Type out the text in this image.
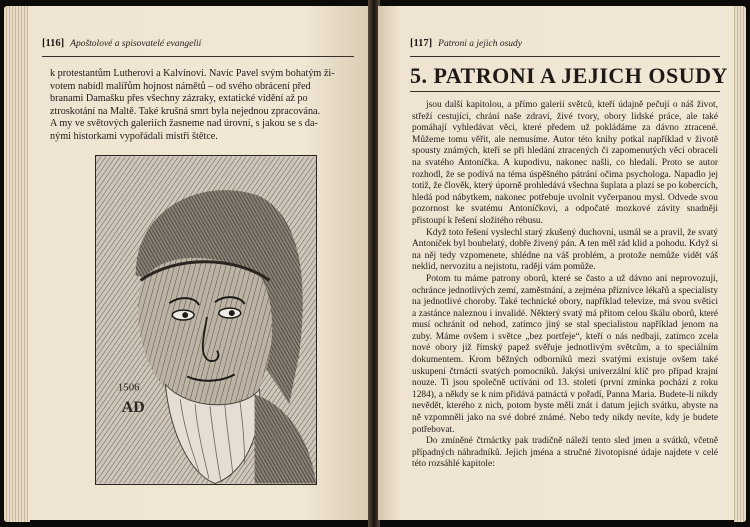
[116] Apoštolové a spisovatelé evangelií

k protestantům Lutherovi a Kalvínovi. Navíc Pavel svým bohatým ži-

votem nabídl malířům hojnost námětů – od svého obrácení před

branami Damašku přes všechny zázraky, extatické vidění až po

ztroskotání na Maltě. Také krušná smrt byla nejednou zpracována.

A my ve světových galeriích žasneme nad úrovní, s jakou se s da-

nými historkami vypořádali mistři štětce.

1506
AD
[117] Patroni a jejich osudy
5. PATRONI A JEJICH OSUDY

jsou další kapitolou, a přímo galerií světců, kteří údajně pečují o náš život, střeží cestující, chrání naše zdraví, živé tvory, obory lidské práce, ale také pomáhají vyhledávat věci, které předem už pokládáme za dávno ztracené. Můžeme tomu věřit, ale nemusíme. Autor této knihy potkal například v životě spousty známých, kteří se při hledání ztracených či zapomenutých věcí obraceli na svatého Antoníčka. A kupodivu, nakonec našli, co hledali. Proto se autor rozhodl, že se podívá na téma úspěšného pátrání očima psychologa. Napadlo jej totiž, že člověk, který úporně prohledává všechna šuplata a plazí se po kobercích, hledá pod nábytkem, nakonec potřebuje uvolnit vyčerpanou mysl. Odvede svou pozornost ke svatému Antoníčkovi, a odpočaté mozkové závity snadněji přistoupí k řešení složitého rébusu.

Když toto řešení vyslechl starý zkušený duchovní, usmál se a pravil, že svatý Antoníček byl boubelatý, dobře živený pán. A ten měl rád klid a pohodu. Když si na něj tedy vzpomenete, shlédne na váš problém, a protože nemůže vidět váš neklid, nervozitu a nejistotu, raději vám pomůže.

Potom tu máme patrony oborů, které se často a už dávno ani neprovozují, ochránce jednotlivých zemí, zaměstnání, a zejména příznivce lékařů a specialisty na jednotlivé choroby. Také technické obory, například televize, má svou světici a zastánce naleznou i invalidé. Některý svatý má přitom celou škálu oborů, které musí ochránit od nehod, zatímco jiný se stal specialistou například jenom na zuby. Máme ovšem i světce „bez portfeje“, kteří o nás nedbají, zatímco zcela nové obory již římský papež svěřuje jednotlivým světcům, a to speciálním dokumentem. Krom běžných odborníků mezi svatými existuje ovšem také uskupení čtrnácti svatých pomocníků. Jakýsi univerzální klíč pro případ krajní nouze. Ti jsou společně uctíváni od 13. století (první zmínka pochází z roku 1284), a někdy se k nim přidává patnáctá v pořadí, Panna Maria. Budete-li nikdy nevědět, kterého z nich, potom byste měli znát i datum jejich svátku, abyste na ně vzpomněli jako na své dobré známé. Nebo tedy nikdy nevíte, kdy je budete potřebovat.

Do zmíněné čtrnáctky pak tradičně náleží tento sled jmen a svátků, včetně případných náhradníků. Jejich jména a stručné životopisné údaje najdete v celé této rozsáhlé kapitole:
